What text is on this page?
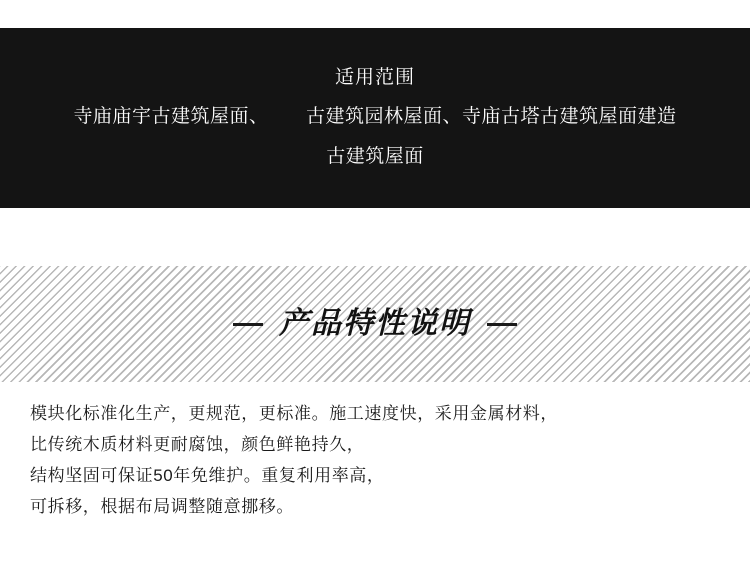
适用范围
寺庙庙宇古建筑屋面、 古建筑园林屋面、寺庙古塔古建筑屋面建造
古建筑屋面
产品特性说明
模块化标准化生产，更规范，更标准。施工速度快，采用金属材料，
比传统木质材料更耐腐蚀，颜色鲜艳持久，
结构坚固可保证50年免维护。重复利用率高，
可拆移，根据布局调整随意挪移。
